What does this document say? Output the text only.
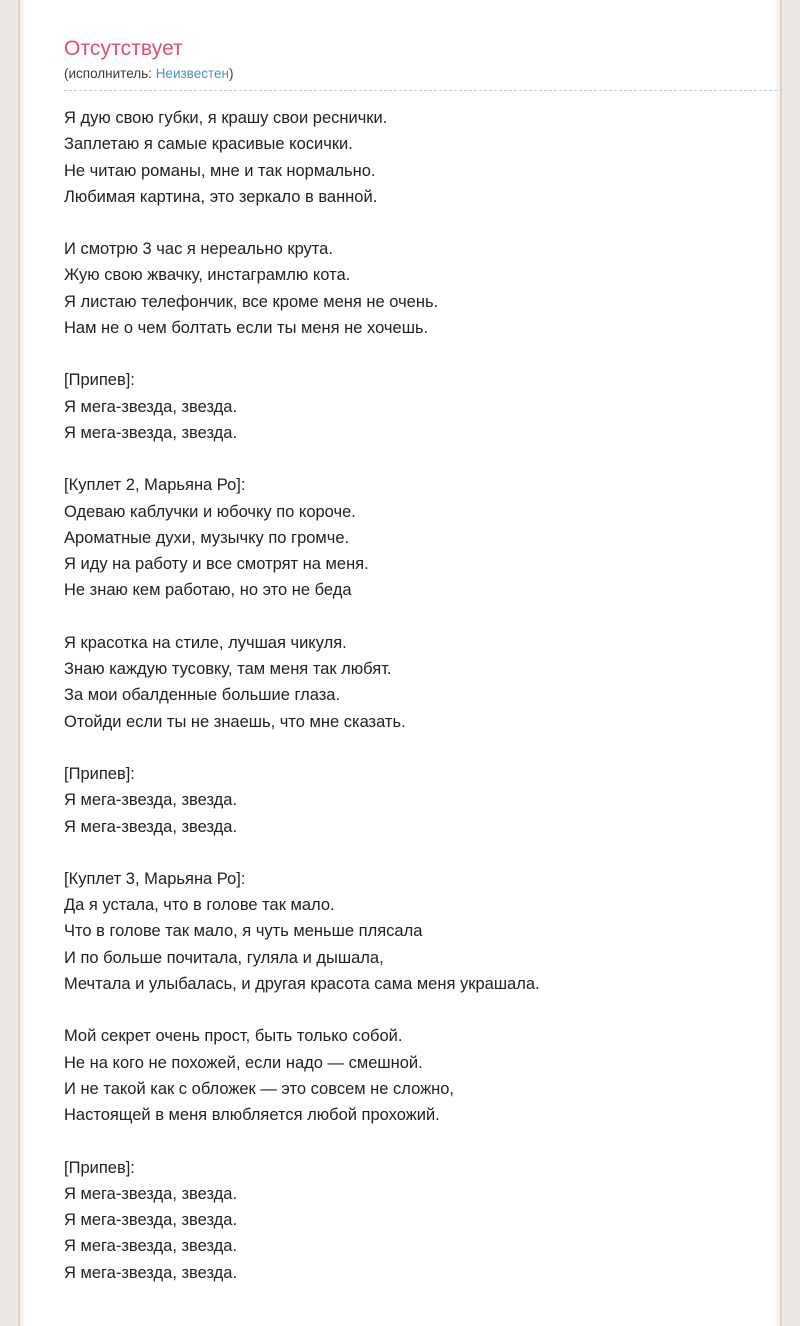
Отсутствует
(исполнитель: Неизвестен)

Я дую свою губки, я крашу свои реснички.
Заплетаю я самые красивые косички.
Не читаю романы, мне и так нормально.
Любимая картина, это зеркало в ванной.

И смотрю 3 час я нереально крута.
Жую свою жвачку, инстаграмлю кота.
Я листаю телефончик, все кроме меня не очень.
Нам не о чем болтать если ты меня не хочешь.

[Припев]:
Я мега-звезда, звезда.
Я мега-звезда, звезда.

[Куплет 2, Марьяна Ро]:
Одеваю каблучки и юбочку по короче.
Ароматные духи, музычку по громче.
Я иду на работу и все смотрят на меня.
Не знаю кем работаю, но это не беда

Я красотка на стиле, лучшая чикуля.
Знаю каждую тусовку, там меня так любят.
За мои обалденные большие глаза.
Отойди если ты не знаешь, что мне сказать.

[Припев]:
Я мега-звезда, звезда.
Я мега-звезда, звезда.

[Куплет 3, Марьяна Ро]:
Да я устала, что в голове так мало.
Что в голове так мало, я чуть меньше плясала
И по больше почитала, гуляла и дышала,
Мечтала и улыбалась, и другая красота сама меня украшала.

Мой секрет очень прост, быть только собой.
Не на кого не похожей, если надо — смешной.
И не такой как с обложек — это совсем не сложно,
Настоящей в меня влюбляется любой прохожий.

[Припев]:
Я мега-звезда, звезда.
Я мега-звезда, звезда.
Я мега-звезда, звезда.
Я мега-звезда, звезда.
